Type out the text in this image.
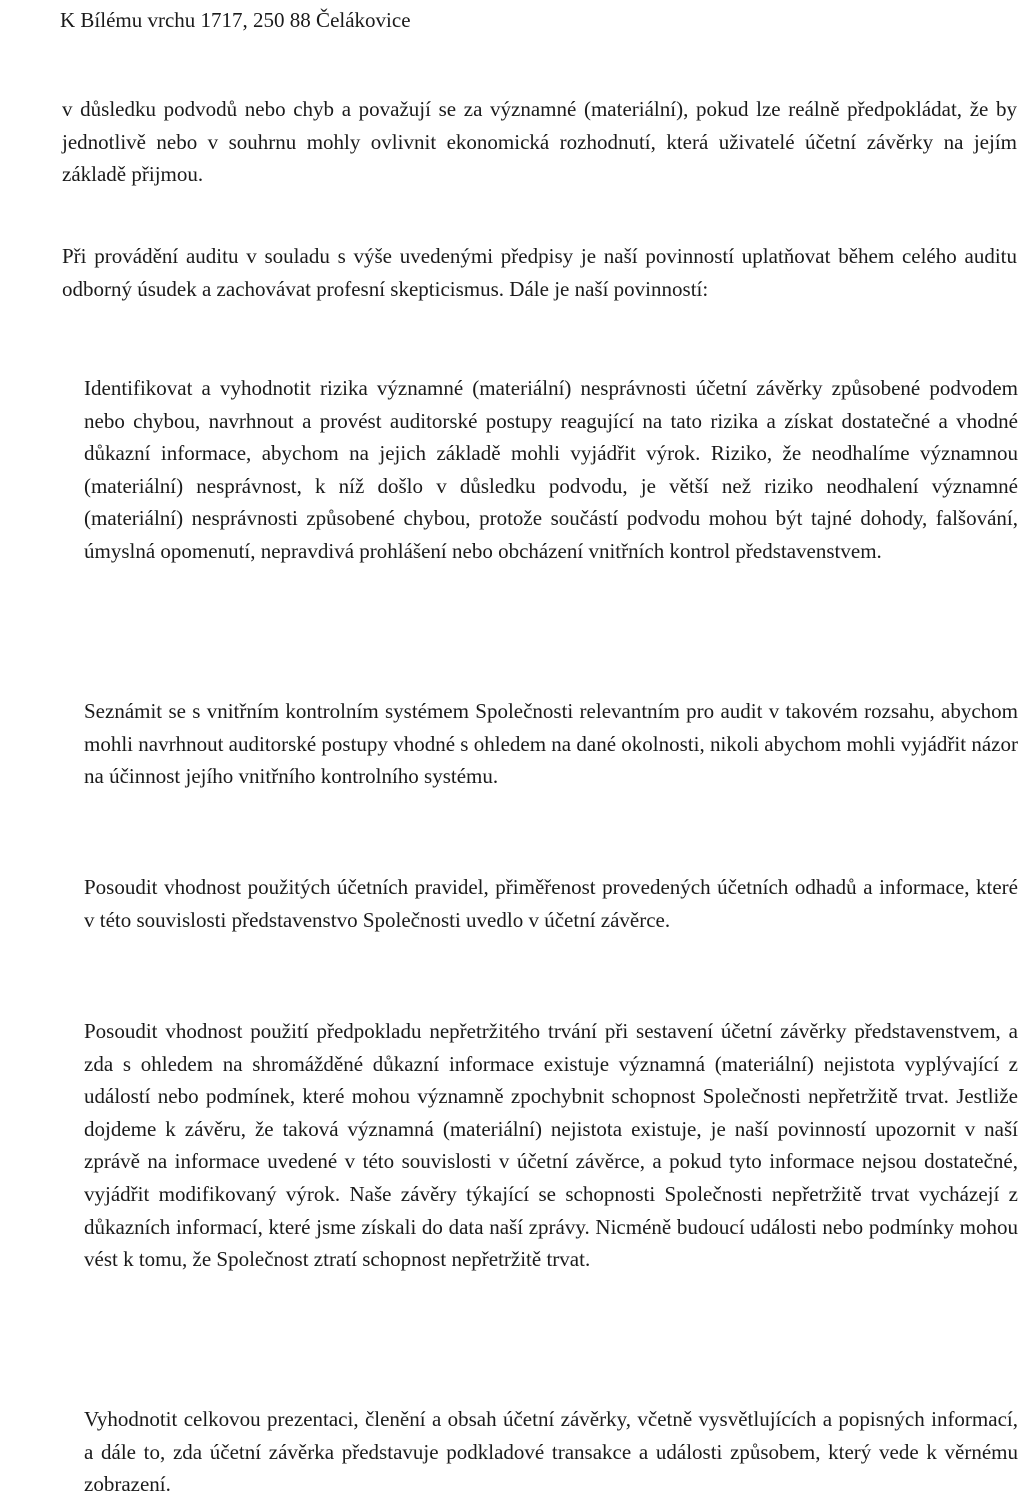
K Bílému vrchu 1717, 250 88 Čelákovice

v důsledku podvodů nebo chyb a považují se za významné (materiální), pokud lze reálně předpokládat, že by jednotlivě nebo v souhrnu mohly ovlivnit ekonomická rozhodnutí, která uživatelé účetní závěrky na jejím základě přijmou.

Při provádění auditu v souladu s výše uvedenými předpisy je naší povinností uplatňovat během celého auditu odborný úsudek a zachovávat profesní skepticismus. Dále je naší povinností:

Identifikovat a vyhodnotit rizika významné (materiální) nesprávnosti účetní závěrky způsobené podvodem nebo chybou, navrhnout a provést auditorské postupy reagující na tato rizika a získat dostatečné a vhodné důkazní informace, abychom na jejich základě mohli vyjádřit výrok. Riziko, že neodhalíme významnou (materiální) nesprávnost, k níž došlo v důsledku podvodu, je větší než riziko neodhalení významné (materiální) nesprávnosti způsobené chybou, protože součástí podvodu mohou být tajné dohody, falšování, úmyslná opomenutí, nepravdivá prohlášení nebo obcházení vnitřních kontrol představenstvem.

Seznámit se s vnitřním kontrolním systémem Společnosti relevantním pro audit v takovém rozsahu, abychom mohli navrhnout auditorské postupy vhodné s ohledem na dané okolnosti, nikoli abychom mohli vyjádřit názor na účinnost jejího vnitřního kontrolního systému.

Posoudit vhodnost použitých účetních pravidel, přiměřenost provedených účetních odhadů a informace, které v této souvislosti představenstvo Společnosti uvedlo v účetní závěrce.

Posoudit vhodnost použití předpokladu nepřetržitého trvání při sestavení účetní závěrky představenstvem, a zda s ohledem na shromážděné důkazní informace existuje významná (materiální) nejistota vyplývající z událostí nebo podmínek, které mohou významně zpochybnit schopnost Společnosti nepřetržitě trvat. Jestliže dojdeme k závěru, že taková významná (materiální) nejistota existuje, je naší povinností upozornit v naší zprávě na informace uvedené v této souvislosti v účetní závěrce, a pokud tyto informace nejsou dostatečné, vyjádřit modifikovaný výrok. Naše závěry týkající se schopnosti Společnosti nepřetržitě trvat vycházejí z důkazních informací, které jsme získali do data naší zprávy. Nicméně budoucí události nebo podmínky mohou vést k tomu, že Společnost ztratí schopnost nepřetržitě trvat.

Vyhodnotit celkovou prezentaci, členění a obsah účetní závěrky, včetně vysvětlujících a popisných informací, a dále to, zda účetní závěrka představuje podkladové transakce a události způsobem, který vede k věrnému zobrazení.
